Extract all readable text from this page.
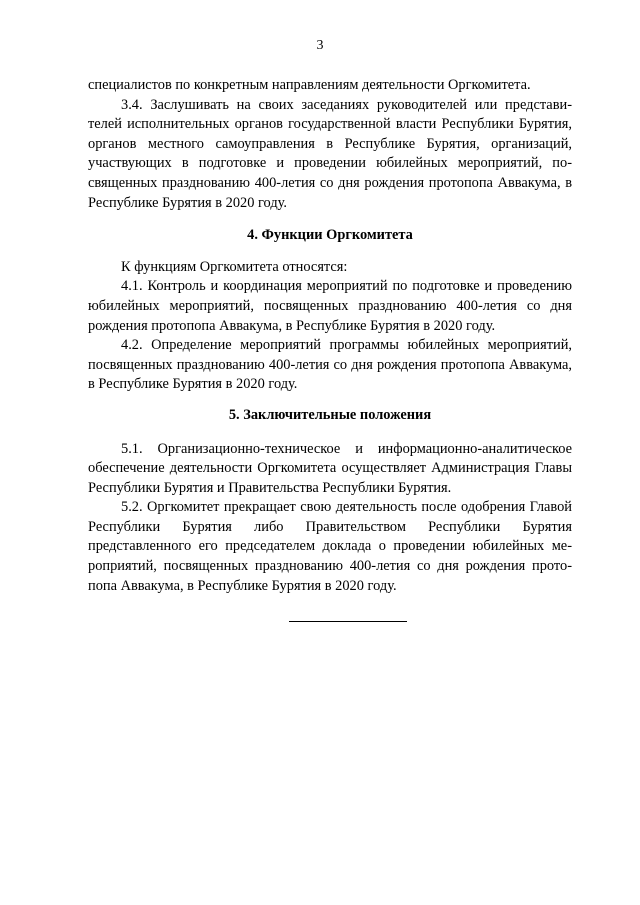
3

специалистов по конкретным направлениям деятельности Оргкомитета.

3.4. Заслушивать на своих заседаниях руководителей или представителей исполнительных органов государственной власти Республики Бурятия, органов местного самоуправления в Республике Бурятия, организаций, участвующих в подготовке и проведении юбилейных мероприятий, посвященных празднованию 400-летия со дня рождения протопопа Аввакума, в Республике Бурятия в 2020 году.

4. Функции Оргкомитета

К функциям Оргкомитета относятся:

4.1. Контроль и координация мероприятий по подготовке и проведению юбилейных мероприятий, посвященных празднованию 400-летия со дня рождения протопопа Аввакума, в Республике Бурятия в 2020 году.

4.2. Определение мероприятий программы юбилейных мероприятий, посвященных празднованию 400-летия со дня рождения протопопа Аввакума, в Республике Бурятия в 2020 году.

5. Заключительные положения

5.1. Организационно-техническое и информационно-аналитическое обеспечение деятельности Оргкомитета осуществляет Администрация Главы Республики Бурятия и Правительства Республики Бурятия.

5.2. Оргкомитет прекращает свою деятельность после одобрения Главой Республики Бурятия либо Правительством Республики Бурятия представленного его председателем доклада о проведении юбилейных мероприятий, посвященных празднованию 400-летия со дня рождения протопопа Аввакума, в Республике Бурятия в 2020 году.
